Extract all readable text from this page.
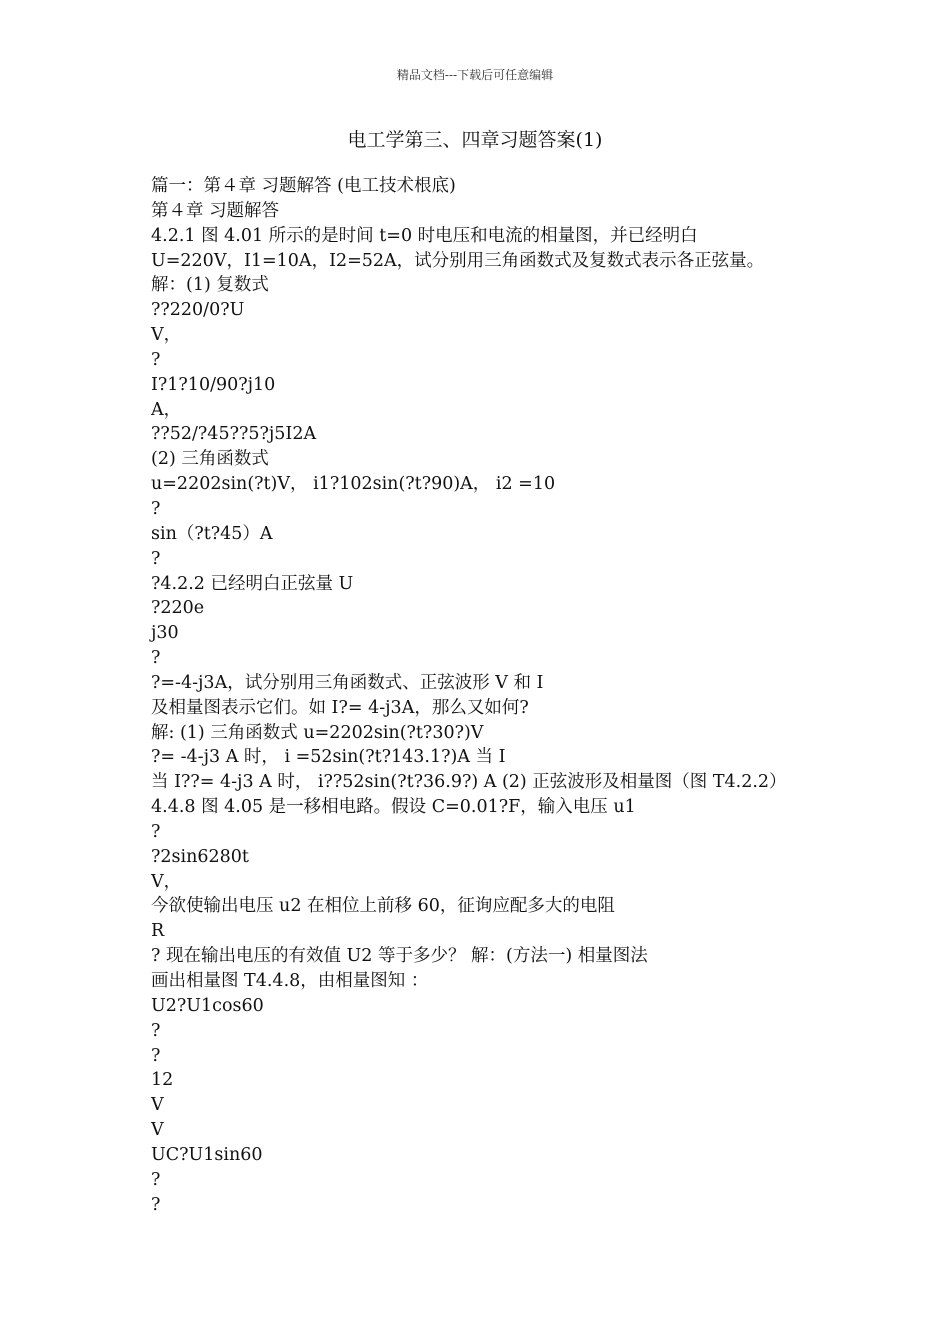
精品文档---下载后可任意编辑
电工学第三、四章习题答案(1)
篇一：第４章 习题解答 (电工技术根底)
第４章 习题解答
4.2.1 图 4.01 所示的是时间 t=0 时电压和电流的相量图，并已经明白
U=220V，I1=10A，I2=52A，试分别用三角函数式及复数式表示各正弦量。
解：(1) 复数式
??220/0?U
V，
?
I?1?10/90?j10
A，
??52/?45??5?j5I2A
(2) 三角函数式
u=2202sin(?t)V， i1?102sin(?t?90)A， i2 =10
?
sin（?t?45）A
?
?4.2.2 已经明白正弦量 U
?220e
j30
?
?=-4-j3A，试分别用三角函数式、正弦波形 V 和 I
及相量图表示它们。如 I?= 4-j3A，那么又如何?
解: (1) 三角函数式 u=2202sin(?t?30?)V
?= -4-j3 A 时， i =52sin(?t?143.1?)A 当 I
当 I??= 4-j3 A 时， i??52sin(?t?36.9?) A (2) 正弦波形及相量图（图 T4.2.2）
4.4.8 图 4.05 是一移相电路。假设 C=0.01?F，输入电压 u1
?
?2sin6280t
V，
今欲使输出电压 u2 在相位上前移 60，征询应配多大的电阻
R
? 现在输出电压的有效值 U2 等于多少？ 解：(方法一) 相量图法
画出相量图 T4.4.8，由相量图知 ：
U2?U1cos60
?
?
12
V
V
UC?U1sin60
?
?
